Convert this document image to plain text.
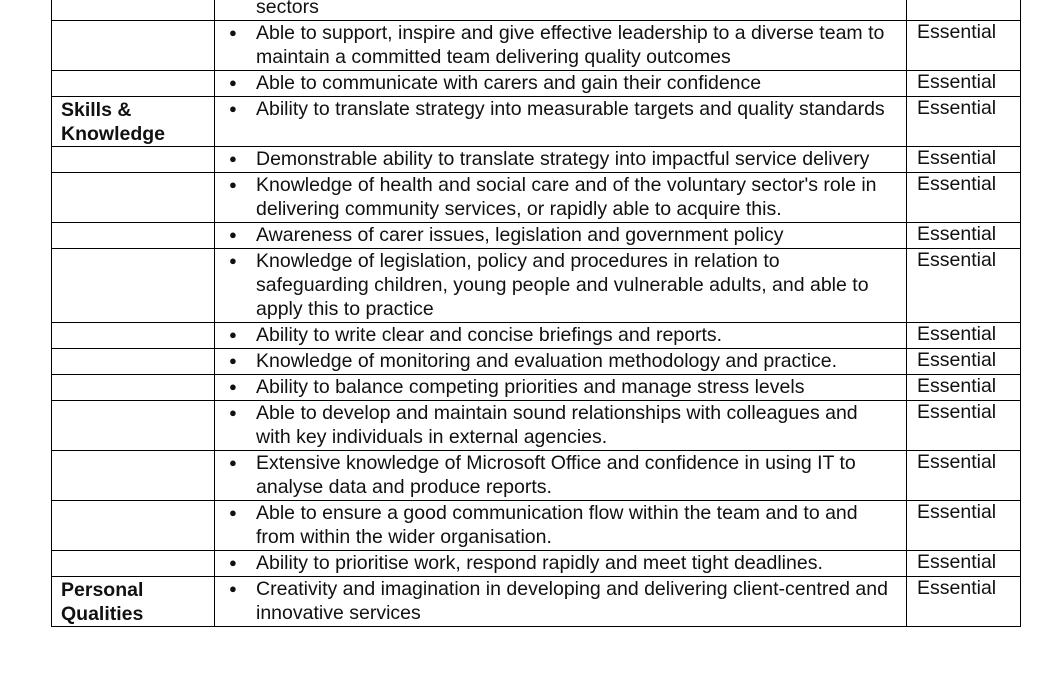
	sectors	

	● Able to support, inspire and give effective leadership to a diverse team to maintain a committed team delivering quality outcomes	Essential

	● Able to communicate with carers and gain their confidence	Essential
Skills & Knowledge	● Ability to translate strategy into measurable targets and quality standards	Essential

	● Demonstrable ability to translate strategy into impactful service delivery	Essential

	● Knowledge of health and social care and of the voluntary sector's role in delivering community services, or rapidly able to acquire this.	Essential

	● Awareness of carer issues, legislation and government policy	Essential

	● Knowledge of legislation, policy and procedures in relation to safeguarding children, young people and vulnerable adults, and able to apply this to practice	Essential

	● Ability to write clear and concise briefings and reports.	Essential

	● Knowledge of monitoring and evaluation methodology and practice.	Essential

	● Ability to balance competing priorities and manage stress levels	Essential

	● Able to develop and maintain sound relationships with colleagues and with key individuals in external agencies.	Essential

	● Extensive knowledge of Microsoft Office and confidence in using IT to analyse data and produce reports.	Essential

	● Able to ensure a good communication flow within the team and to and from within the wider organisation.	Essential

	● Ability to prioritise work, respond rapidly and meet tight deadlines.	Essential
Personal Qualities	● Creativity and imagination in developing and delivering client-centred and innovative services	Essential
